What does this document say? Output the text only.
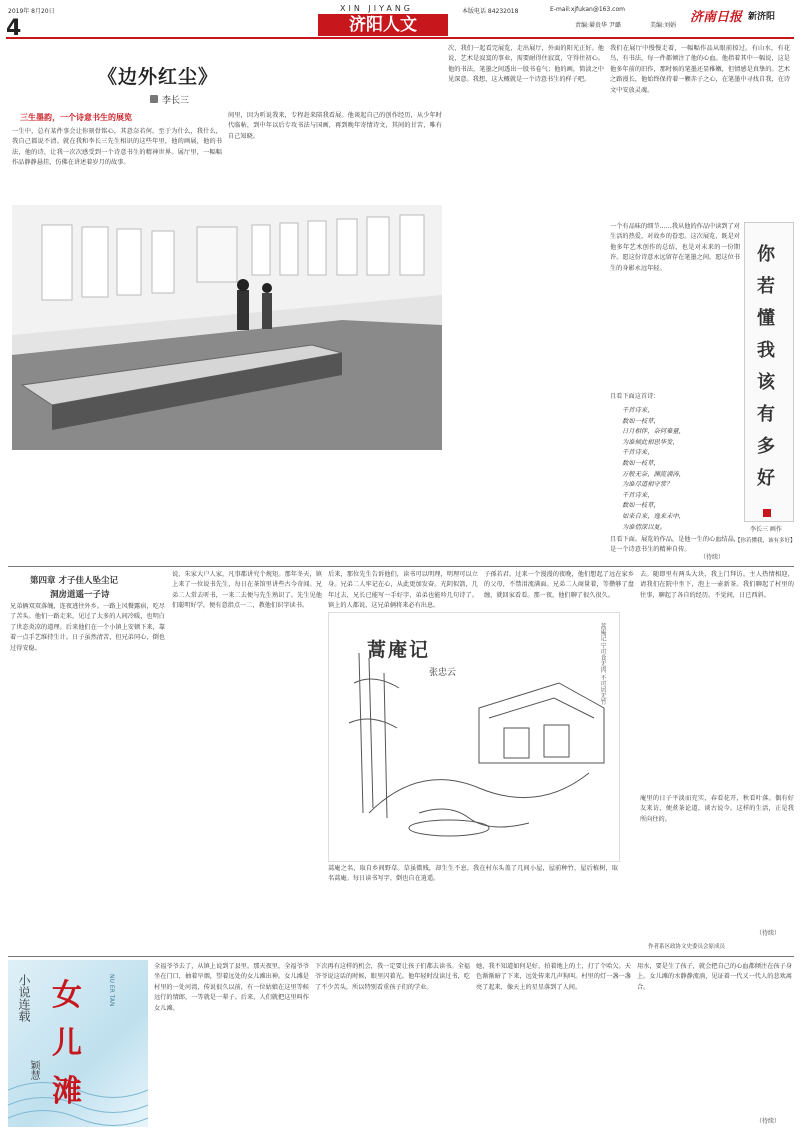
2019年 8月20日
4
XIN JIYANG
济阳人文
本版电话 84232018	E-mail:xjfukan@163.com
责编:綦贵华 尹璐	美编:刘娟
济南日报 新济阳
《边外红尘》
李长三
三生墨韵，一个诗意书生的展览
一生中，总有某件事会让你刻骨铭心，其意奈若何。至于为什么，我什么，我自己都说不清。就在我和李长三先生相识的这些年里，他的画展，他的书法，他的诗，让我一次次感受到一个诗意书生的精神世界。展厅里，一幅幅作品静静悬挂，仿佛在讲述着岁月的故事。
间里，因为听说我来，专程赶来陪我看展。他谈起自己的创作经历，从少年时代临帖，到中年以后专攻书法与国画，再到晚年寄情诗文，其间的甘苦，唯有自己知晓。
次，我们一起看完展览，走出展厅，外面的阳光正好。他说，艺术是寂寞的事业，需要耐得住寂寞，守得住初心。他的书法，笔墨之间透出一股书卷气；他的画，简淡之中见深意。我想，这大概就是一个诗意书生的样子吧。
我们在展厅中慢慢走着，一幅幅作品从眼前掠过。有山水，有花鸟，有书法，每一件都倾注了他的心血。他指着其中一幅说，这是他多年前的旧作，那时候的笔墨还显稚嫩，但情感是真挚的。艺术之路漫长，他始终保持着一颗赤子之心，在笔墨中寻找自我，在诗文中安放灵魂。
一个有品味的细节……我从他的作品中读到了对生活的热爱，对故乡的眷恋。这次展览，既是对他多年艺术创作的总结，也是对未来的一份期许。愿这份诗意永远留存在笔墨之间，愿这位书生的身影永远年轻。
且看下面这首诗：
千首诗来，
数如一枝草，
日月相伴，奈何难量，
为谁倾此相思华发，
千首诗来，
数如一枝草，
万般无奈，渊流涌涛，
为谁尽道相守常？
千首诗来，
数如一枝草，
如来自来，逸来未中，
为谁情深以复。
且看下面。展览的作品，是他一生的心血结晶，是一个诗意书生的精神自传。
你若懂我该有多好
李长三 画作
【你若懂我，该有多好】
（待续）
第四章 才子佳人坠尘记
洞房道遥一子诗
兄弟俩双双落魄，连夜逃往外乡。一路上风餐露宿，吃尽了苦头。他们一路走来，见过了太多的人间冷暖，也明白了世态炎凉的道理。后来他们在一个小镇上安顿下来，靠着一点手艺维持生计。日子虽然清苦，但兄弟同心，倒也过得安稳。
说，朱家大户人家，凡事都讲究个规矩。那年冬天，镇上来了一位说书先生，每日在茶馆里讲些古今奇闻。兄弟二人常去听书，一来二去便与先生熟识了。先生见他们聪明好学，便有意指点一二，教他们识字读书。
后来，那位先生告诉他们，读书可以明理，明理可以立身。兄弟二人牢记在心，从此更加发奋。光阴似箭，几年过去，兄长已能写一手好字，弟弟也能吟几句诗了。镇上的人都说，这兄弟俩将来必有出息。
子孫若君。过来一个漫漫的夜晚，他们想起了远在家乡的父母，不禁泪流满面。兄弟二人商量着，等攒够了盘缠，就回家看看。那一夜，他们聊了很久很久。
蒿庵记
张忠云	蒿庵记 宁可食无肉 不可居无竹
蒿庵之名，取自乡间野草。草虽微贱，却生生不息。我在村东头盖了几间小屋，屋前种竹，屋后植树，取名蒿庵。每日读书写字，倒也自在逍遥。
去。随即里有两头大块，我上门拜访。主人热情相迎，请我们在院中坐下，泡上一壶新茶。我们聊起了村里的往事，聊起了各自的经历。不觉间，日已西斜。
庵里的日子平淡而充实，春看花开，秋看叶落。偶有好友来访，便煮茶论道，谈古说今。这样的生活，正是我所向往的。
（待续）
作者系区政协文史委员会原成员
小说连载 女儿滩
NU ER TAN
颖慧
全福爷爷去了，从镇上说到了县里。那天夜里，全福爷爷坐在门口，抽着旱烟，望着远处的女儿滩出神。女儿滩是村里的一处河湾，传说很久以前，有一位姑娘在这里等候远行的情郎，一等就是一辈子。后来，人们就把这里叫作女儿滩。
下次再有这样的机会，我一定要让孩子们都去读书。全福爷爷说这话的时候，眼里闪着光。他年轻时没读过书，吃了不少苦头，所以特别看重孩子们的学业。
她，我不知道如何是好，拍着地上的土，打了个哈欠。天色渐渐暗了下来，远处传来几声狗叫。村里的灯一盏一盏亮了起来，像天上的星星落到了人间。
用水，要是生了孩子，就会把自己的心血都倾注在孩子身上。女儿滩的水静静流淌，见证着一代又一代人的悲欢离合。
（待续）
